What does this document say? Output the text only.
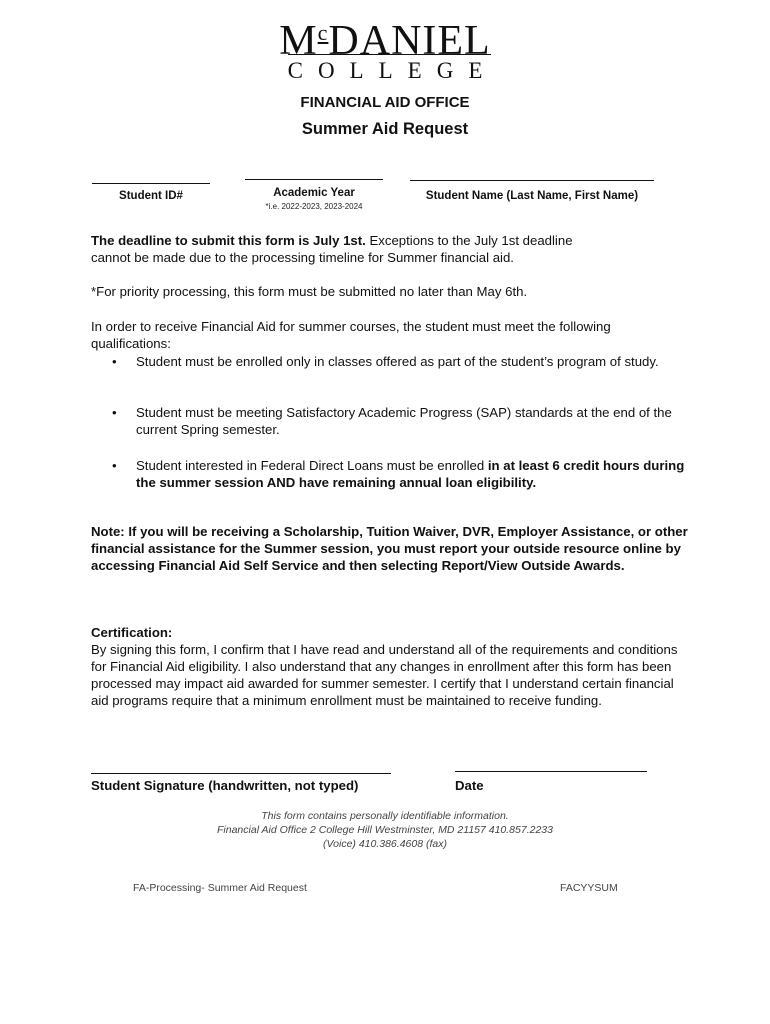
$M^cDANIEL$
COLLEGE
FINANCIAL AID OFFICE
Summer Aid Request
Student ID#	Academic Year
*i.e. 2022-2023, 2023-2024
Student Name (Last Name, First Name)
The deadline to submit this form is July 1st. Exceptions to the July 1st deadline cannot be made due to the processing timeline for Summer financial aid.
*For priority processing, this form must be submitted no later than May 6th.
In order to receive Financial Aid for summer courses, the student must meet the following qualifications:
• Student must be enrolled only in classes offered as part of the student’s program of study.
• Student must be meeting Satisfactory Academic Progress (SAP) standards at the end of the current Spring semester.
• Student interested in Federal Direct Loans must be enrolled in at least 6 credit hours during the summer session AND have remaining annual loan eligibility.
Note: If you will be receiving a Scholarship, Tuition Waiver, DVR, Employer Assistance, or other financial assistance for the Summer session, you must report your outside resource online by accessing Financial Aid Self Service and then selecting Report/View Outside Awards.
Certification:
By signing this form, I confirm that I have read and understand all of the requirements and conditions for Financial Aid eligibility. I also understand that any changes in enrollment after this form has been processed may impact aid awarded for summer semester. I certify that I understand certain financial aid programs require that a minimum enrollment must be maintained to receive funding.
Student Signature (handwritten, not typed)	Date
This form contains personally identifiable information.
Financial Aid Office 2 College Hill Westminster, MD 21157 410.857.2233
(Voice) 410.386.4608 (fax)
FA-Processing- Summer Aid Request	FACYYSUM
